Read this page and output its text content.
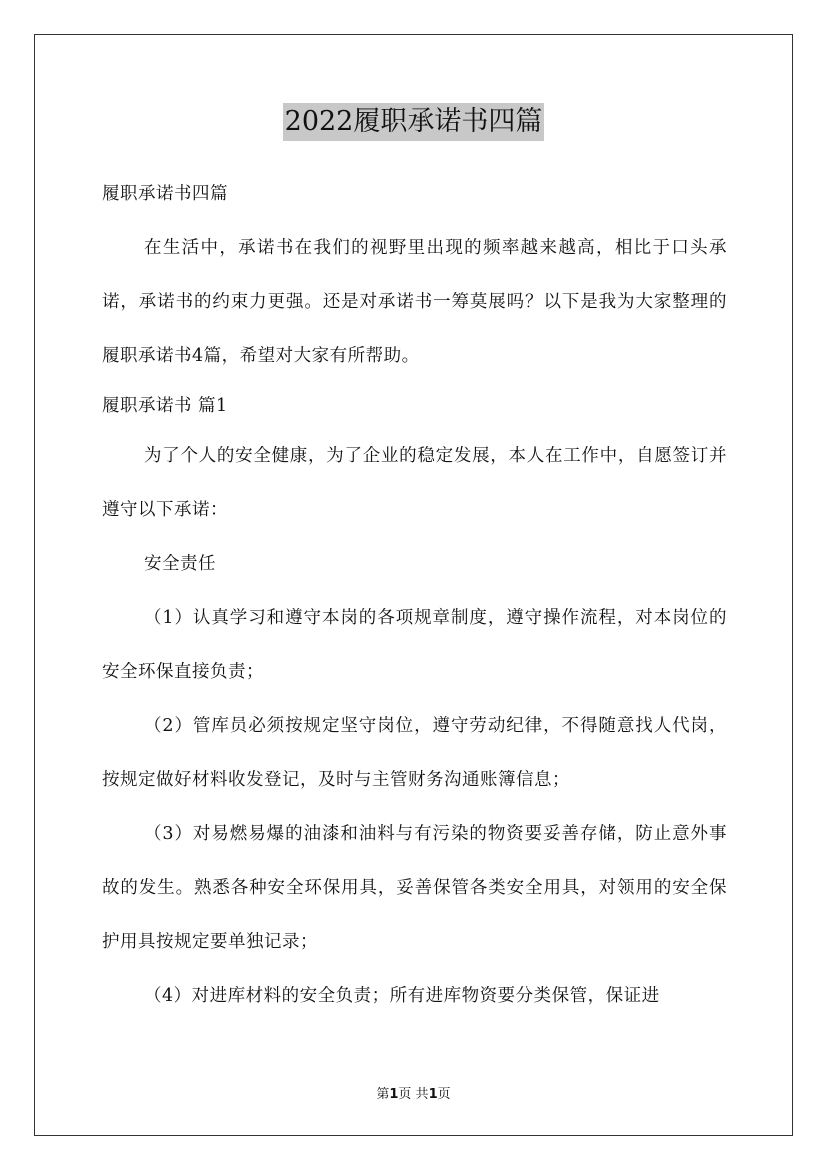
2022履职承诺书四篇

履职承诺书四篇

在生活中，承诺书在我们的视野里出现的频率越来越高，相比于口头承诺，承诺书的约束力更强。还是对承诺书一筹莫展吗？以下是我为大家整理的履职承诺书4篇，希望对大家有所帮助。

履职承诺书 篇1

为了个人的安全健康，为了企业的稳定发展，本人在工作中，自愿签订并遵守以下承诺：

安全责任

（1）认真学习和遵守本岗的各项规章制度，遵守操作流程，对本岗位的安全环保直接负责；

（2）管库员必须按规定坚守岗位，遵守劳动纪律，不得随意找人代岗，按规定做好材料收发登记，及时与主管财务沟通账簿信息；

（3）对易燃易爆的油漆和油料与有污染的物资要妥善存储，防止意外事故的发生。熟悉各种安全环保用具，妥善保管各类安全用具，对领用的安全保护用具按规定要单独记录；

（4）对进库材料的安全负责；所有进库物资要分类保管，保证进

第1页 共1页
